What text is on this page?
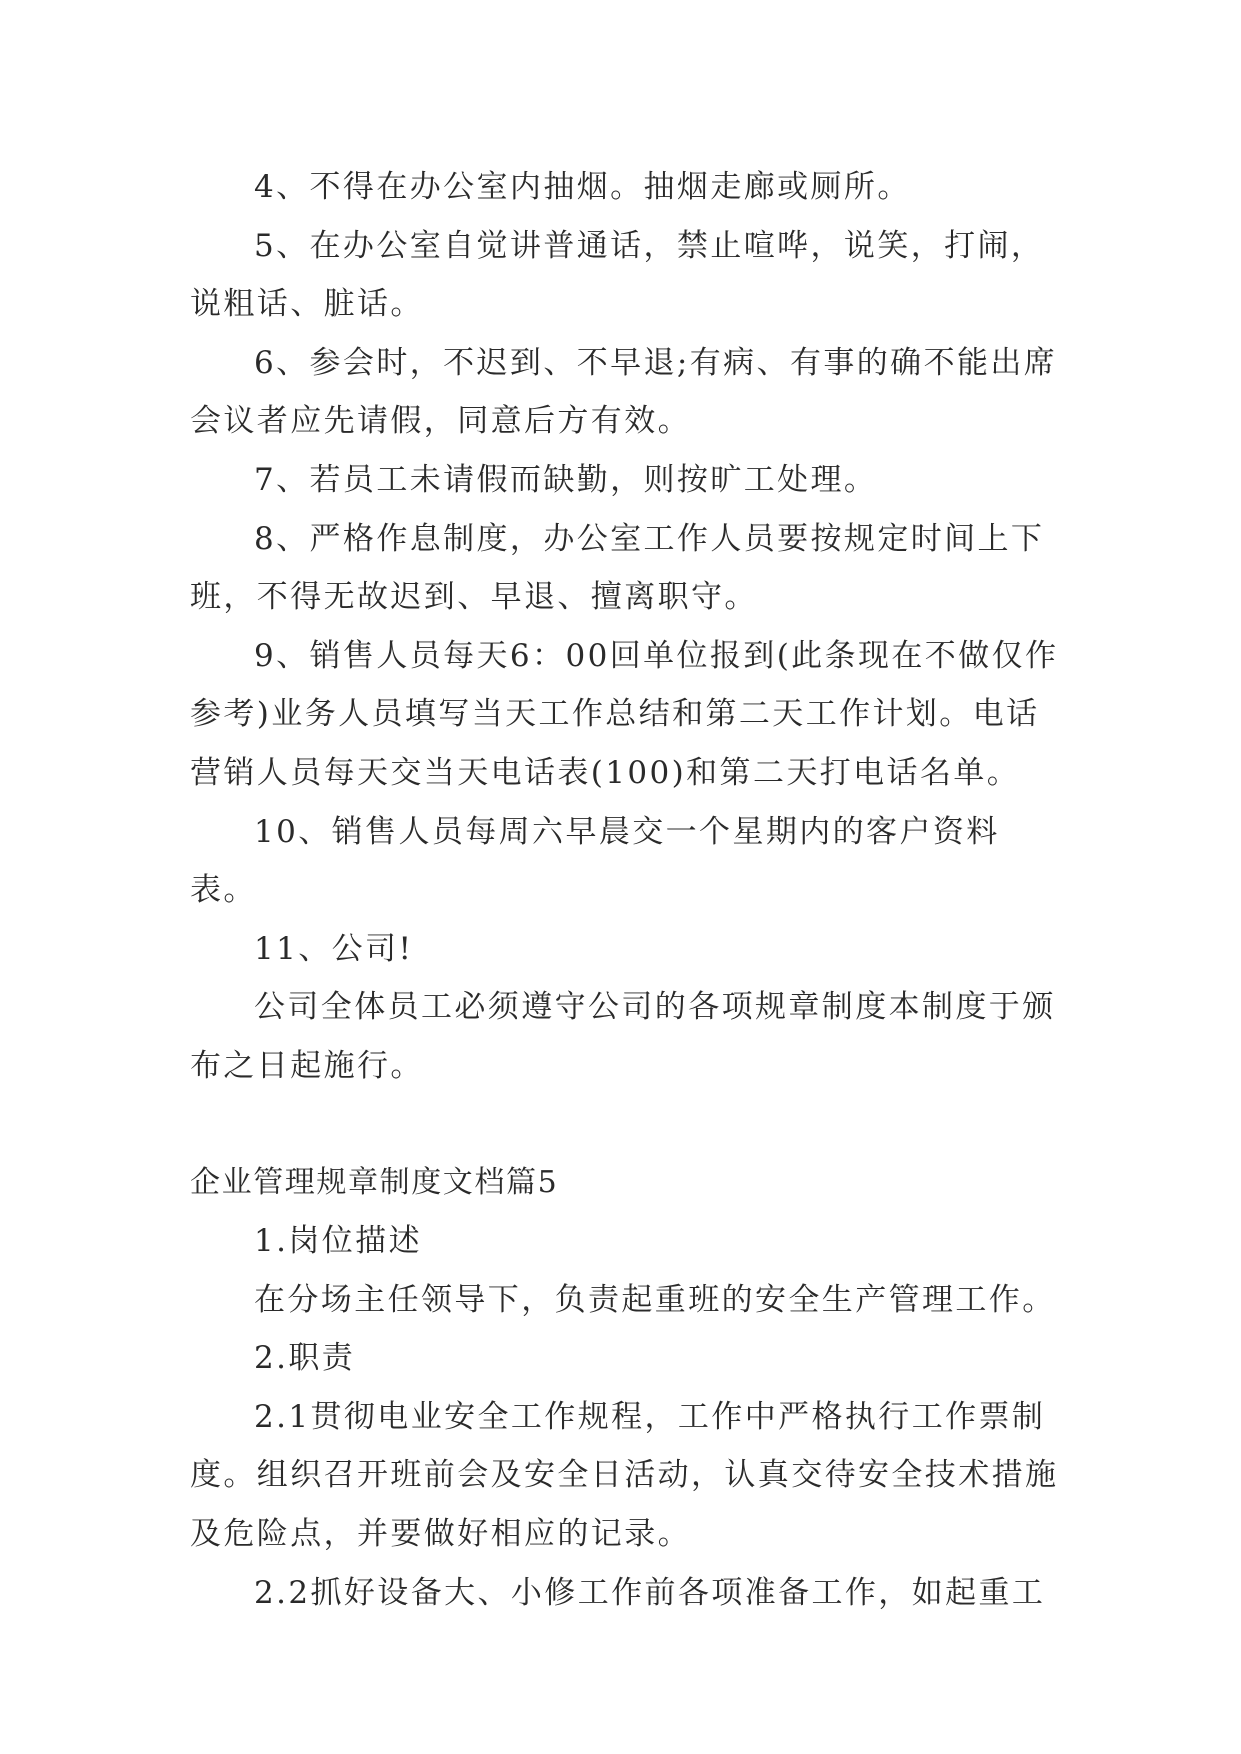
4、不得在办公室内抽烟。抽烟走廊或厕所。

5、在办公室自觉讲普通话，禁止喧哗，说笑，打闹，说粗话、脏话。

6、参会时，不迟到、不早退;有病、有事的确不能出席会议者应先请假，同意后方有效。

7、若员工未请假而缺勤，则按旷工处理。

8、严格作息制度，办公室工作人员要按规定时间上下班，不得无故迟到、早退、擅离职守。

9、销售人员每天6：00回单位报到(此条现在不做仅作参考)业务人员填写当天工作总结和第二天工作计划。电话营销人员每天交当天电话表(100)和第二天打电话名单。

10、销售人员每周六早晨交一个星期内的客户资料表。

11、公司!

公司全体员工必须遵守公司的各项规章制度本制度于颁布之日起施行。

企业管理规章制度文档篇5

1.岗位描述

在分场主任领导下，负责起重班的安全生产管理工作。

2.职责

2.1贯彻电业安全工作规程，工作中严格执行工作票制度。组织召开班前会及安全日活动，认真交待安全技术措施及危险点，并要做好相应的记录。

2.2抓好设备大、小修工作前各项准备工作，如起重工
